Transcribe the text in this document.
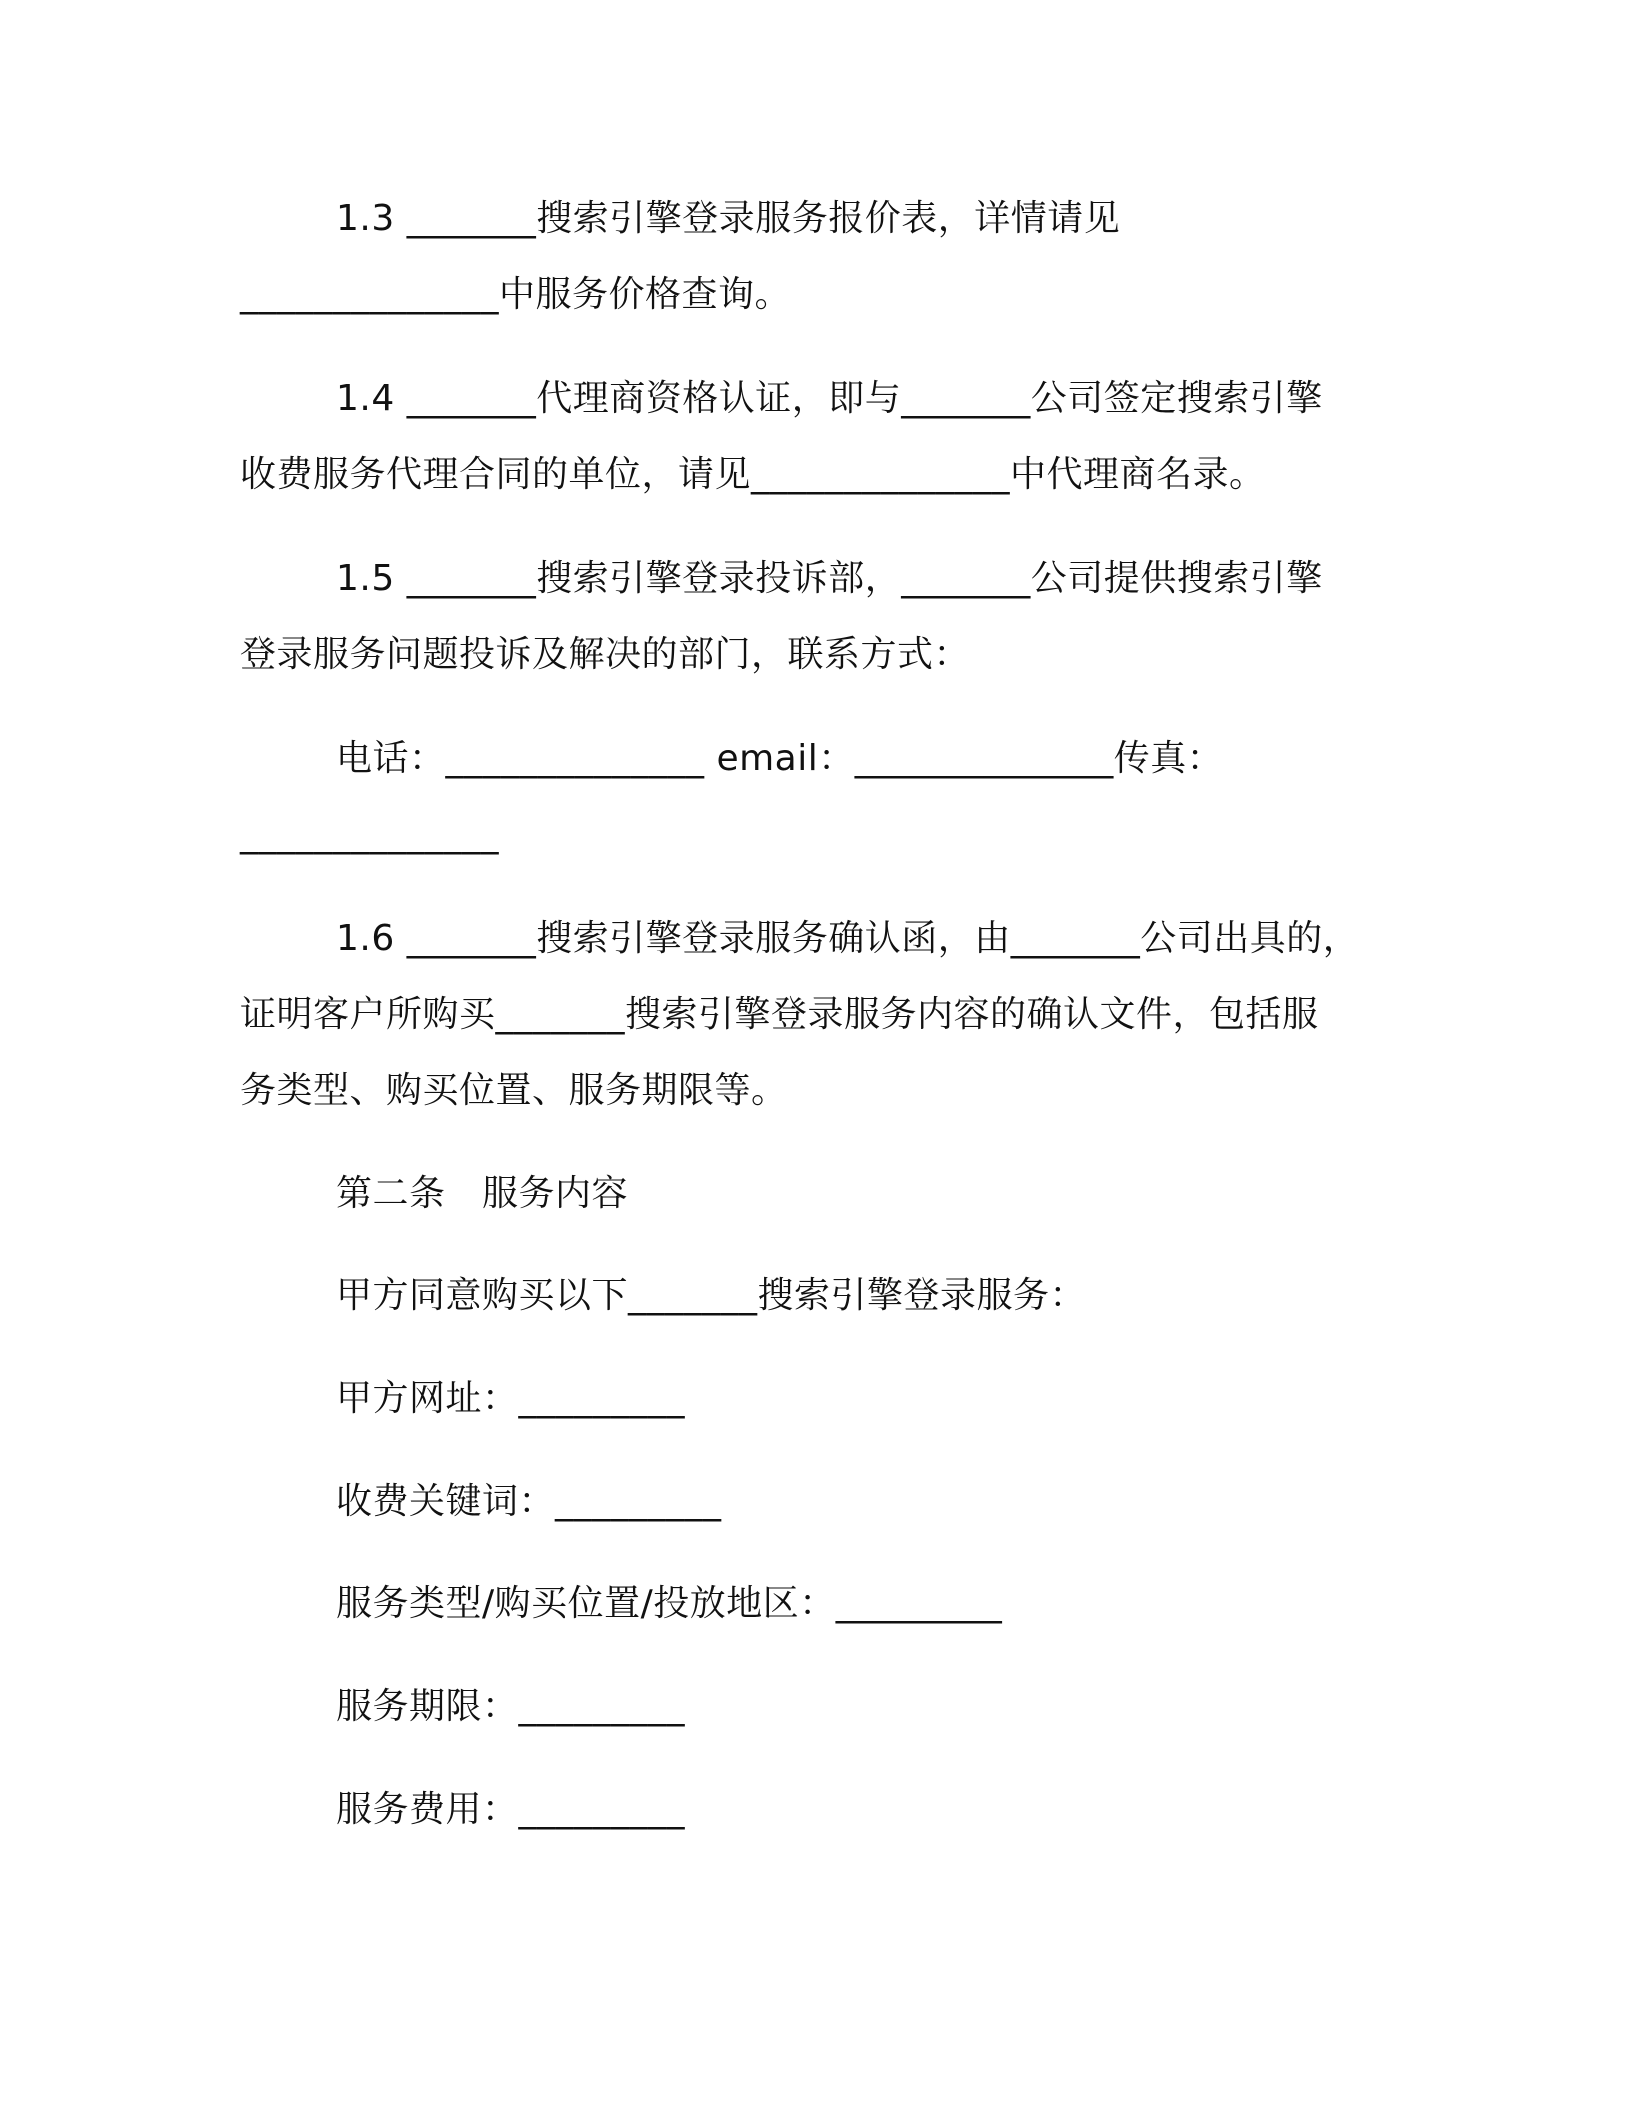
1.3 _______搜索引擎登录服务报价表，详情请见
______________中服务价格查询。
1.4 _______代理商资格认证，即与_______公司签定搜索引擎
收费服务代理合同的单位，请见______________中代理商名录。
1.5 _______搜索引擎登录投诉部，_______公司提供搜索引擎
登录服务问题投诉及解决的部门，联系方式：
电话：______________ email：______________传真：
______________
1.6 _______搜索引擎登录服务确认函，由_______公司出具的，
证明客户所购买_______搜索引擎登录服务内容的确认文件，包括服
务类型、购买位置、服务期限等。
第二条　服务内容
甲方同意购买以下_______搜索引擎登录服务：
甲方网址：_________
收费关键词：_________
服务类型/购买位置/投放地区：_________
服务期限：_________
服务费用：_________
